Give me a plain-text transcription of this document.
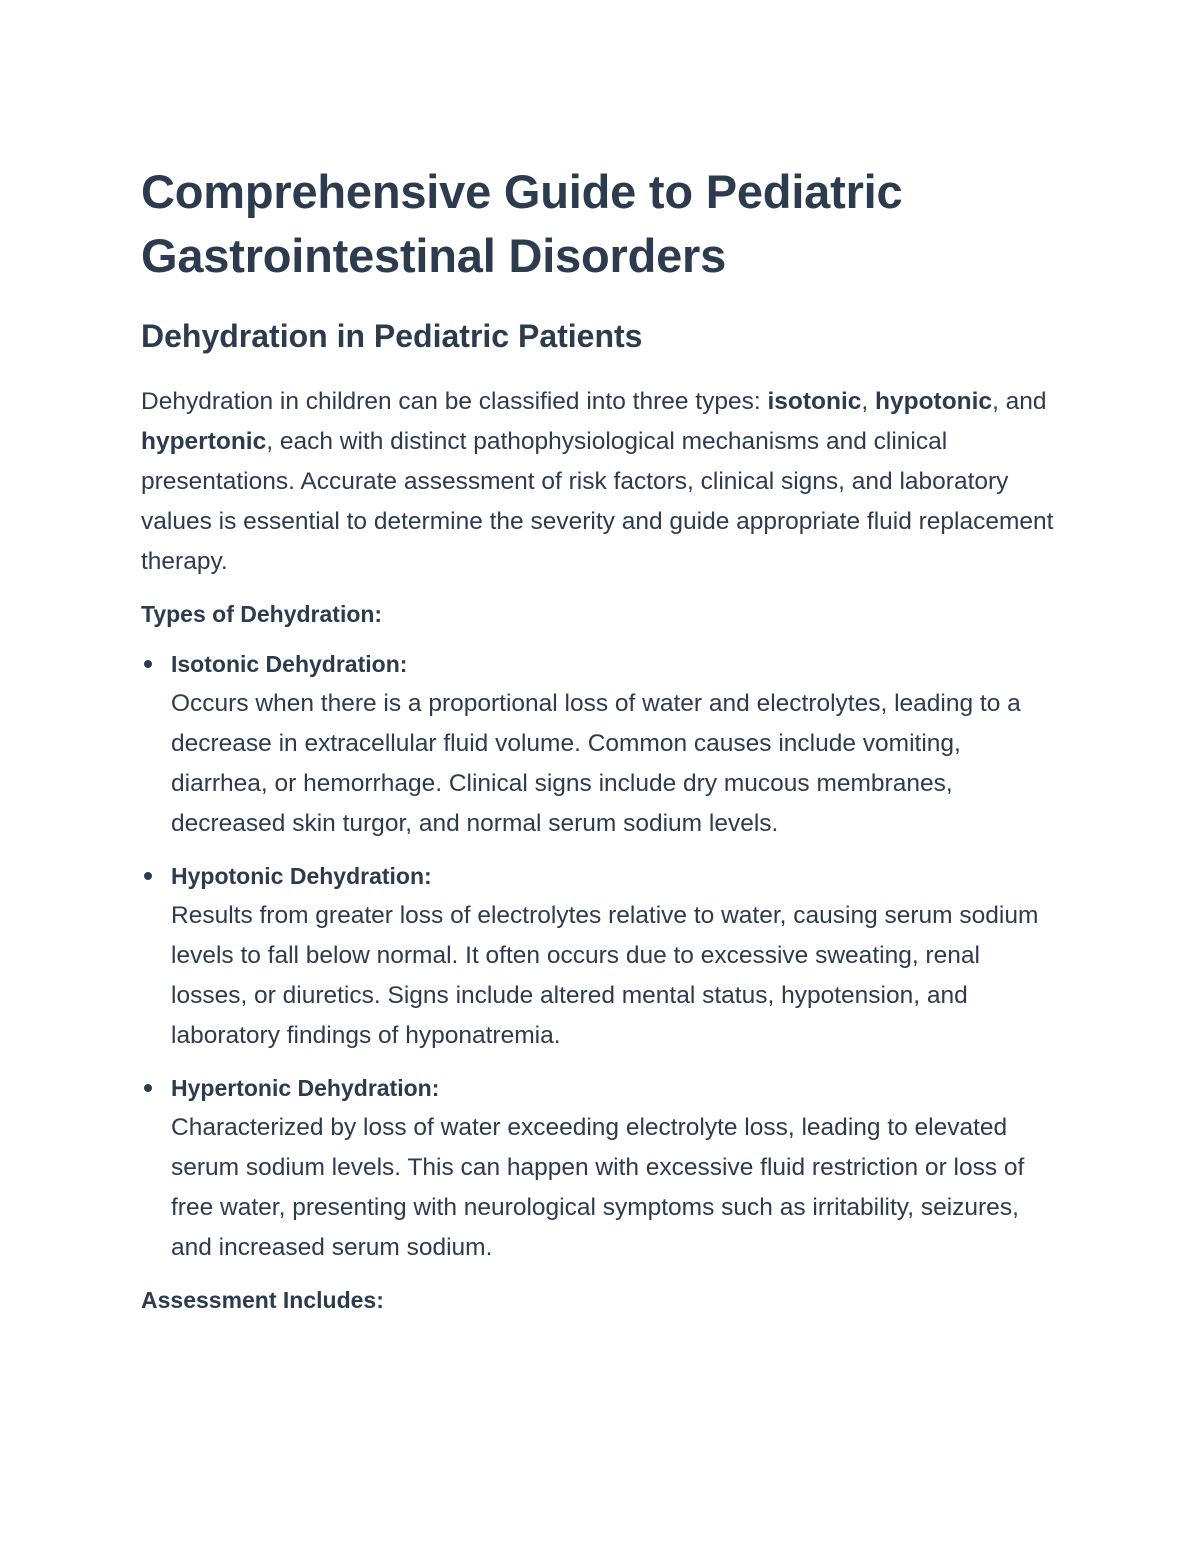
Comprehensive Guide to Pediatric Gastrointestinal Disorders
Dehydration in Pediatric Patients

Dehydration in children can be classified into three types: isotonic, hypotonic, and hypertonic, each with distinct pathophysiological mechanisms and clinical presentations. Accurate assessment of risk factors, clinical signs, and laboratory values is essential to determine the severity and guide appropriate fluid replacement therapy.

Types of Dehydration:
Isotonic Dehydration:
Occurs when there is a proportional loss of water and electrolytes, leading to a decrease in extracellular fluid volume. Common causes include vomiting, diarrhea, or hemorrhage. Clinical signs include dry mucous membranes, decreased skin turgor, and normal serum sodium levels.
Hypotonic Dehydration:
Results from greater loss of electrolytes relative to water, causing serum sodium levels to fall below normal. It often occurs due to excessive sweating, renal losses, or diuretics. Signs include altered mental status, hypotension, and laboratory findings of hyponatremia.
Hypertonic Dehydration:
Characterized by loss of water exceeding electrolyte loss, leading to elevated serum sodium levels. This can happen with excessive fluid restriction or loss of free water, presenting with neurological symptoms such as irritability, seizures, and increased serum sodium.
Assessment Includes:
